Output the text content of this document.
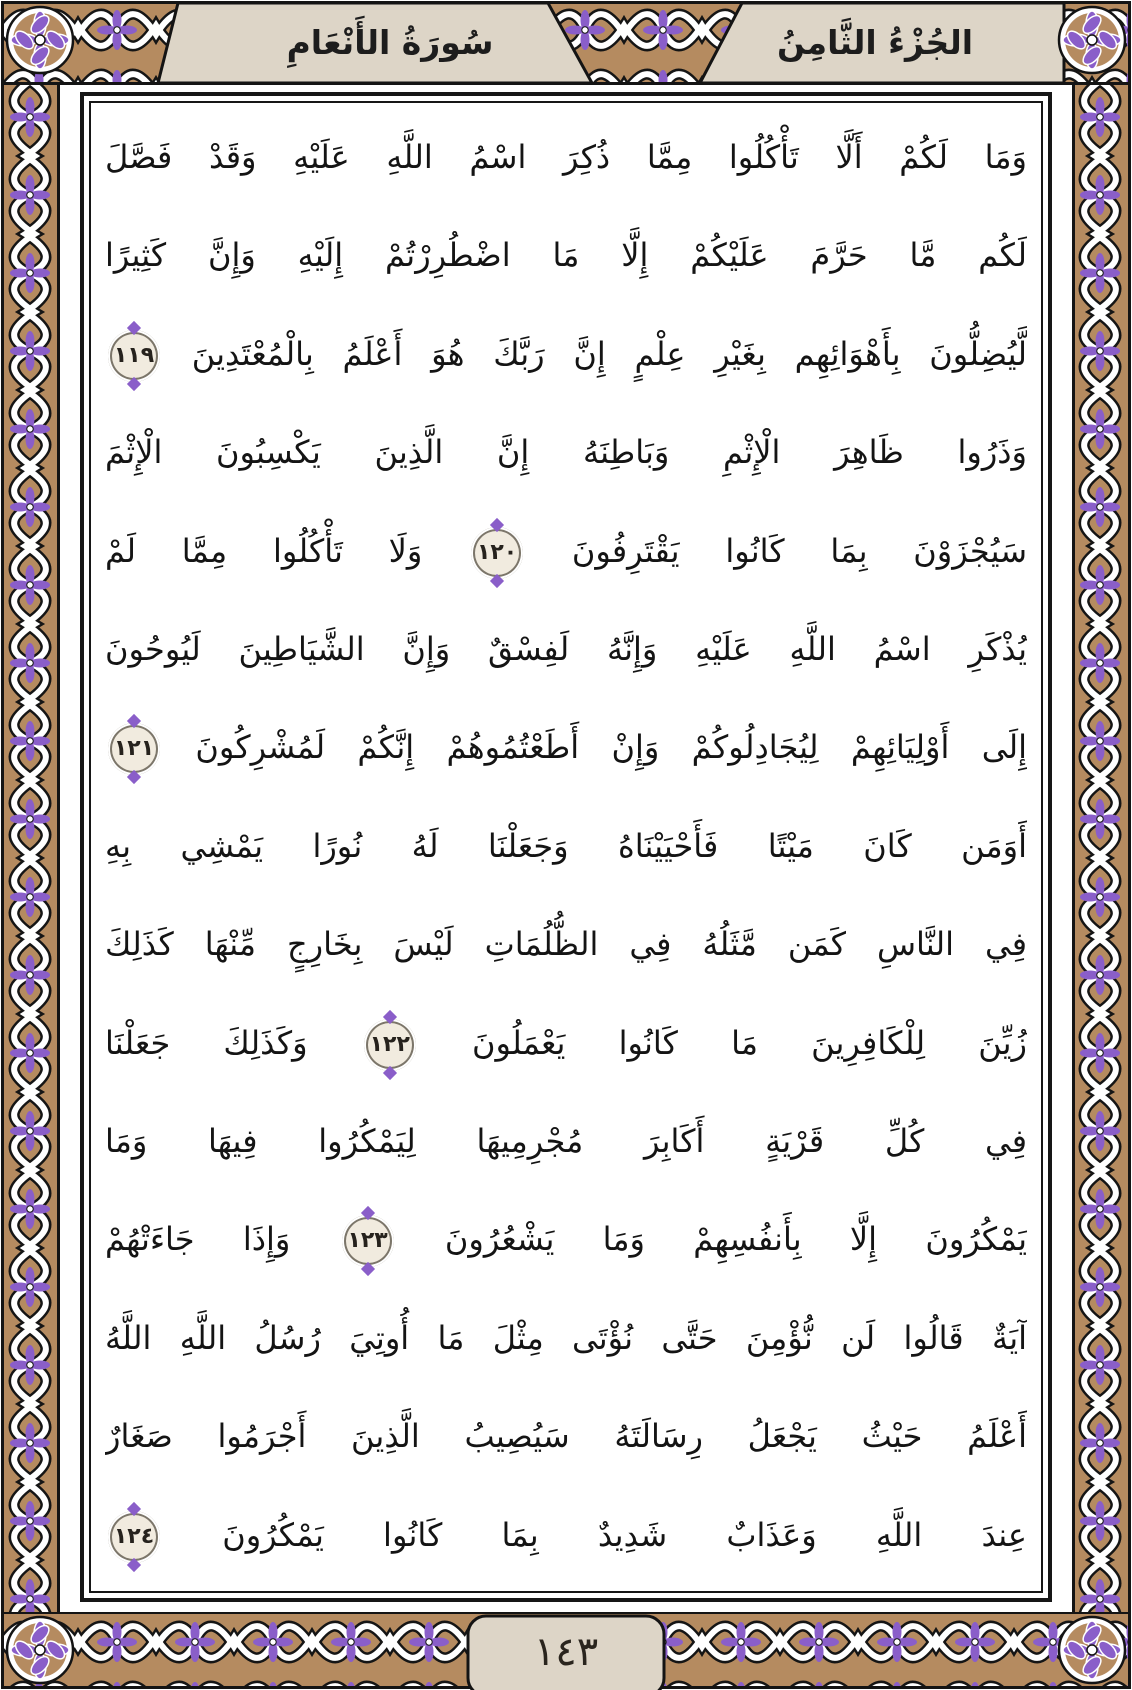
الجُزْءُ الثَّامِنُ
سُورَةُ الأَنْعَامِ
وَمَا لَكُمْ أَلَّا تَأْكُلُوا مِمَّا ذُكِرَ اسْمُ اللَّهِ عَلَيْهِ وَقَدْ فَصَّلَ
لَكُم مَّا حَرَّمَ عَلَيْكُمْ إِلَّا مَا اضْطُرِرْتُمْ إِلَيْهِ وَإِنَّ كَثِيرًا
لَّيُضِلُّونَ بِأَهْوَائِهِم بِغَيْرِ عِلْمٍ إِنَّ رَبَّكَ هُوَ أَعْلَمُ بِالْمُعْتَدِينَ
١١٩
وَذَرُوا ظَاهِرَ الْإِثْمِ وَبَاطِنَهُ إِنَّ الَّذِينَ يَكْسِبُونَ الْإِثْمَ
سَيُجْزَوْنَ بِمَا كَانُوا يَقْتَرِفُونَ
١٢٠
وَلَا تَأْكُلُوا مِمَّا لَمْ
يُذْكَرِ اسْمُ اللَّهِ عَلَيْهِ وَإِنَّهُ لَفِسْقٌ وَإِنَّ الشَّيَاطِينَ لَيُوحُونَ
إِلَى أَوْلِيَائِهِمْ لِيُجَادِلُوكُمْ وَإِنْ أَطَعْتُمُوهُمْ إِنَّكُمْ لَمُشْرِكُونَ
١٢١
أَوَمَن كَانَ مَيْتًا فَأَحْيَيْنَاهُ وَجَعَلْنَا لَهُ نُورًا يَمْشِي بِهِ
فِي النَّاسِ كَمَن مَّثَلُهُ فِي الظُّلُمَاتِ لَيْسَ بِخَارِجٍ مِّنْهَا كَذَلِكَ
زُيِّنَ لِلْكَافِرِينَ مَا كَانُوا يَعْمَلُونَ
١٢٢
وَكَذَلِكَ جَعَلْنَا
فِي كُلِّ قَرْيَةٍ أَكَابِرَ مُجْرِمِيهَا لِيَمْكُرُوا فِيهَا وَمَا
يَمْكُرُونَ إِلَّا بِأَنفُسِهِمْ وَمَا يَشْعُرُونَ
١٢٣
وَإِذَا جَاءَتْهُمْ
آيَةٌ قَالُوا لَن نُّؤْمِنَ حَتَّى نُؤْتَى مِثْلَ مَا أُوتِيَ رُسُلُ اللَّهِ اللَّهُ
أَعْلَمُ حَيْثُ يَجْعَلُ رِسَالَتَهُ سَيُصِيبُ الَّذِينَ أَجْرَمُوا صَغَارٌ
عِندَ اللَّهِ وَعَذَابٌ شَدِيدٌ بِمَا كَانُوا يَمْكُرُونَ
١٢٤
١٤٣
